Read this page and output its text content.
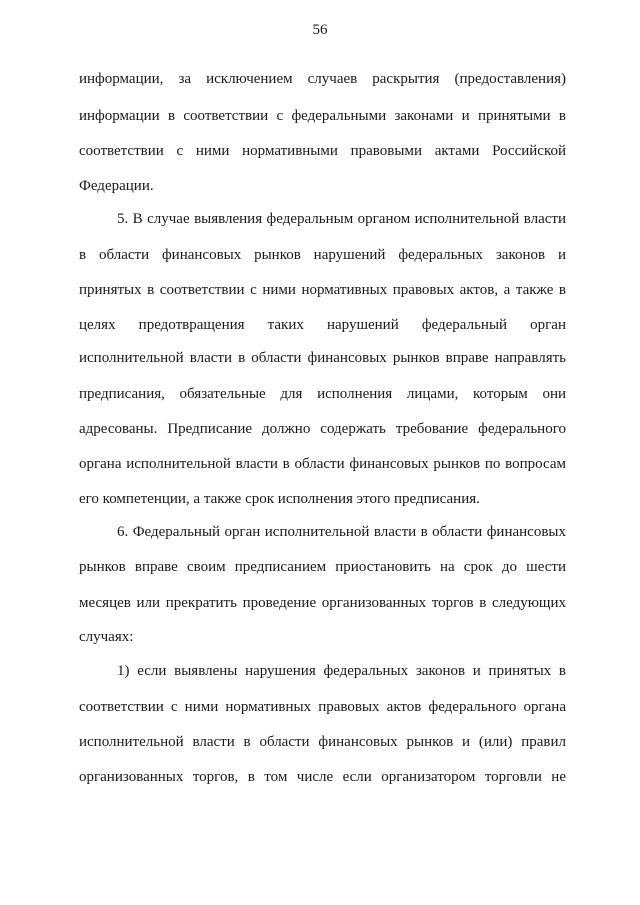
56
информации, за исключением случаев раскрытия (предоставления)
информации в соответствии с федеральными законами и принятыми в
соответствии с ними нормативными правовыми актами Российской
Федерации.
5. В случае выявления федеральным органом исполнительной власти
в области финансовых рынков нарушений федеральных законов и
принятых в соответствии с ними нормативных правовых актов, а также в
целях предотвращения таких нарушений федеральный орган
исполнительной власти в области финансовых рынков вправе направлять
предписания, обязательные для исполнения лицами, которым они
адресованы. Предписание должно содержать требование федерального
органа исполнительной власти в области финансовых рынков по вопросам
его компетенции, а также срок исполнения этого предписания.
6. Федеральный орган исполнительной власти в области финансовых
рынков вправе своим предписанием приостановить на срок до шести
месяцев или прекратить проведение организованных торгов в следующих
случаях:
1) если выявлены нарушения федеральных законов и принятых в
соответствии с ними нормативных правовых актов федерального органа
исполнительной власти в области финансовых рынков и (или) правил
организованных торгов, в том числе если организатором торговли не
